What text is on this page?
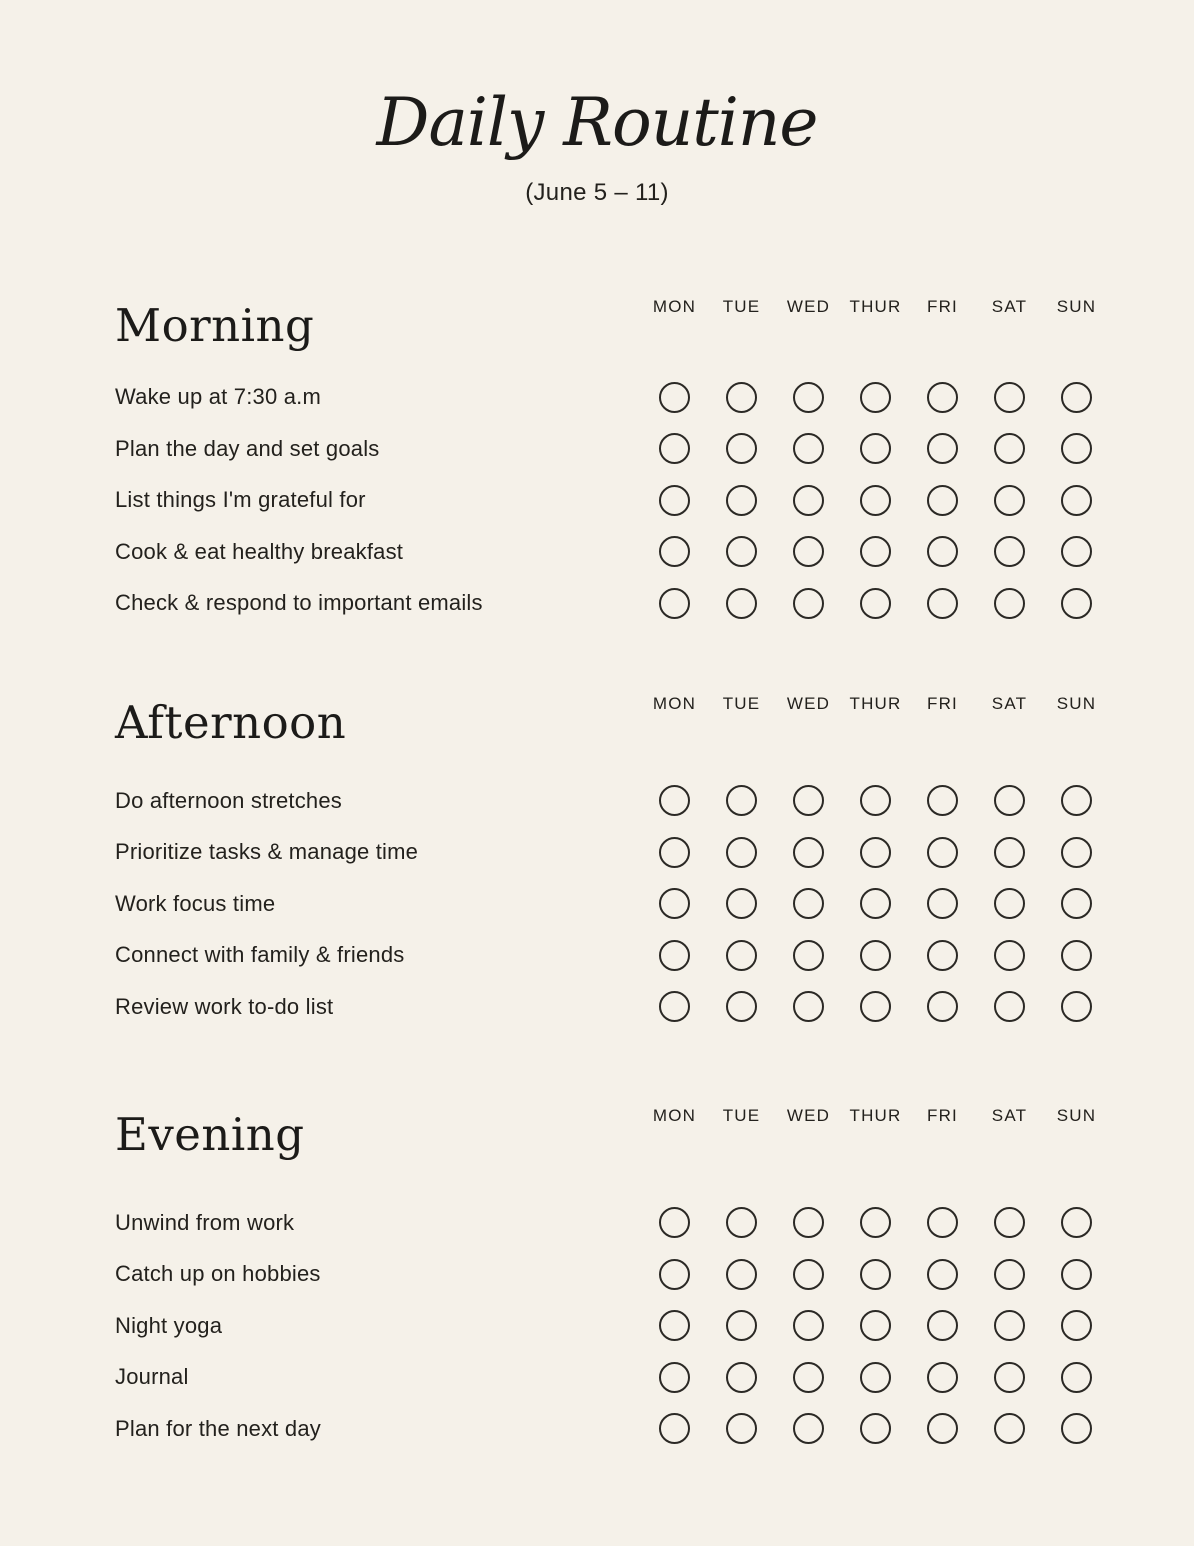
Daily Routine

(June 5 – 11)

Morning	MON	TUE	WED	THUR	FRI	SAT	SUN
Wake up at 7:30 a.m
Plan the day and set goals
List things I'm grateful for
Cook & eat healthy breakfast
Check & respond to important emails
Afternoon	MON	TUE	WED	THUR	FRI	SAT	SUN
Do afternoon stretches
Prioritize tasks & manage time
Work focus time
Connect with family & friends
Review work to-do list
Evening	MON	TUE	WED	THUR	FRI	SAT	SUN
Unwind from work
Catch up on hobbies
Night yoga
Journal
Plan for the next day
